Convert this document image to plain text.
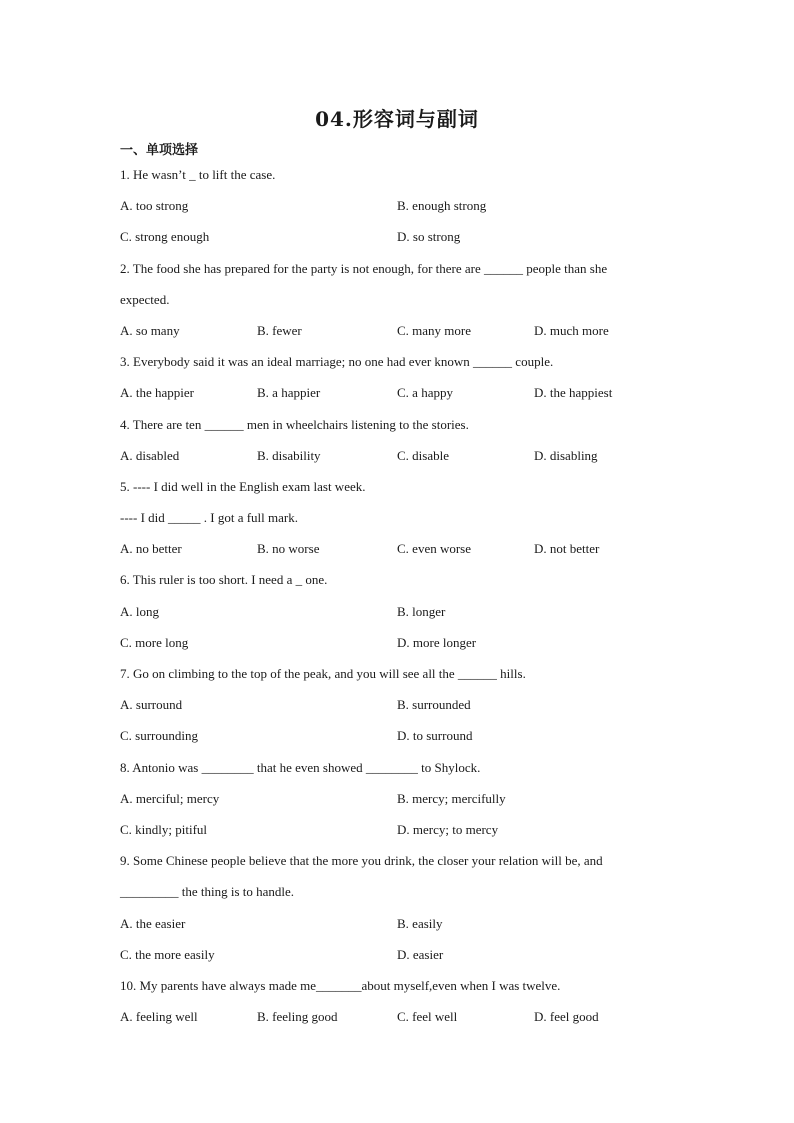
04.形容词与副词
一、单项选择
1. He wasn’t _ to lift the case.
A. too strong	B. enough strong
C. strong enough	D. so strong
2. The food she has prepared for the party is not enough, for there are ______ people than she
expected.
A. so many	B. fewer	C. many more	D. much more
3. Everybody said it was an ideal marriage; no one had ever known ______ couple.
A. the happier	B. a happier	C. a happy	D. the happiest
4. There are ten ______ men in wheelchairs listening to the stories.
A. disabled	B. disability	C. disable	D. disabling
5. ---- I did well in the English exam last week.
---- I did _____ . I got a full mark.
A. no better	B. no worse	C. even worse	D. not better
6. This ruler is too short. I need a _ one.
A. long	B. longer
C. more long	D. more longer
7. Go on climbing to the top of the peak, and you will see all the ______ hills.
A. surround	B. surrounded
C. surrounding	D. to surround
8. Antonio was ________ that he even showed ________ to Shylock.
A. merciful; mercy	B. mercy; mercifully
C. kindly; pitiful	D. mercy; to mercy
9. Some Chinese people believe that the more you drink, the closer your relation will be, and
_________ the thing is to handle.
A. the easier	B. easily
C. the more easily	D. easier
10. My parents have always made me_______about myself,even when I was twelve.
A. feeling well	B. feeling good	C. feel well	D. feel good
